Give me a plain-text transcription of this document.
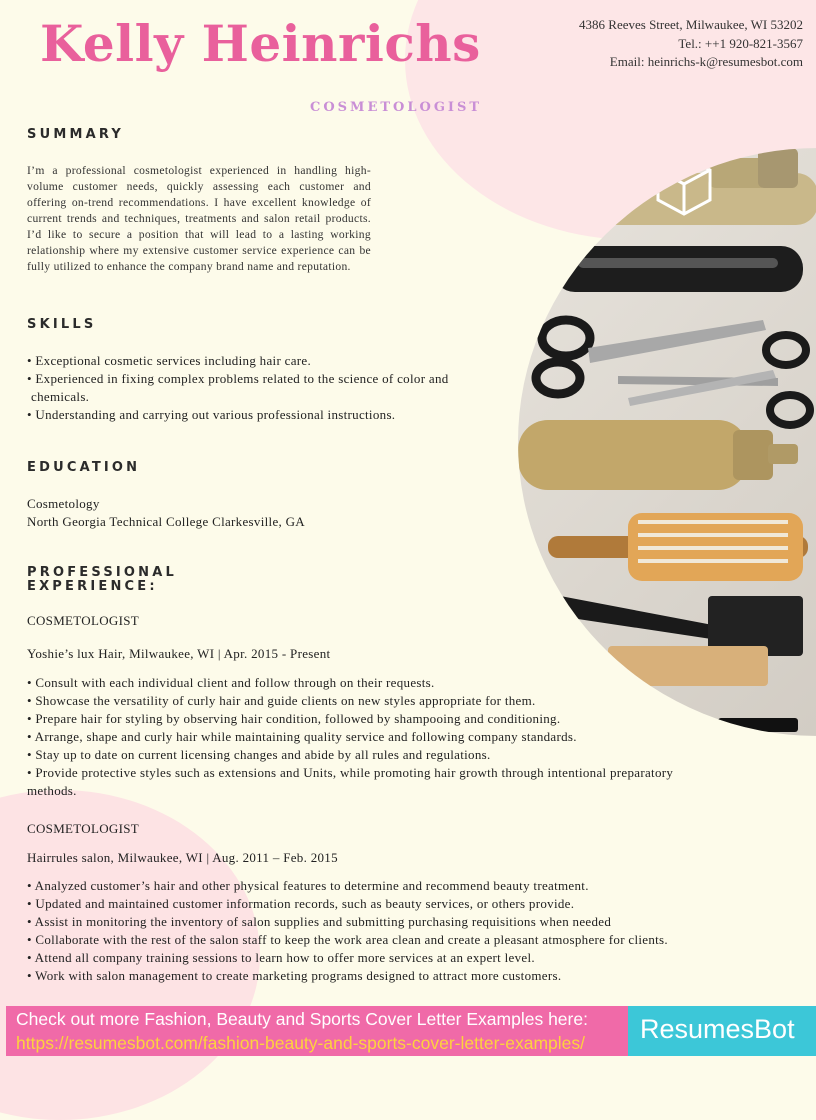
Kelly Heinrichs	4386 Reeves Street, Milwaukee, WI 53202
Tel.: ++1 920-821-3567
Email: heinrichs-k@resumesbot.com
COSMETOLOGIST
SUMMARY
I’m a professional cosmetologist experienced in handling high-volume customer needs, quickly assessing each customer and offering on-trend recommendations. I have excellent knowledge of current trends and techniques, treatments and salon retail products. I’d like to secure a position that will lead to a lasting working relationship where my extensive customer service experience can be fully utilized to enhance the company brand name and reputation.
SKILLS
• Exceptional cosmetic services including hair care.
• Experienced in fixing complex problems related to the science of color and
chemicals.
• Understanding and carrying out various professional instructions.
EDUCATION
Cosmetology
North Georgia Technical College Clarkesville, GA
PROFESSIONAL
EXPERIENCE:
COSMETOLOGIST
Yoshie’s lux Hair, Milwaukee, WI | Apr. 2015 - Present
• Consult with each individual client and follow through on their requests.
• Showcase the versatility of curly hair and guide clients on new styles appropriate for them.
• Prepare hair for styling by observing hair condition, followed by shampooing and conditioning.
• Arrange, shape and curly hair while maintaining quality service and following company standards.
• Stay up to date on current licensing changes and abide by all rules and regulations.
• Provide protective styles such as extensions and Units, while promoting hair growth through intentional preparatory
methods.
COSMETOLOGIST
Hairrules salon, Milwaukee, WI | Aug. 2011 – Feb. 2015
• Analyzed customer’s hair and other physical features to determine and recommend beauty treatment.
• Updated and maintained customer information records, such as beauty services, or others provide.
• Assist in monitoring the inventory of salon supplies and submitting purchasing requisitions when needed
• Collaborate with the rest of the salon staff to keep the work area clean and create a pleasant atmosphere for clients.
• Attend all company training sessions to learn how to offer more services at an expert level.
• Work with salon management to create marketing programs designed to attract more customers.
Check out more Fashion, Beauty and Sports Cover Letter Examples here:
https://resumesbot.com/fashion-beauty-and-sports-cover-letter-examples/ ResumesBot
